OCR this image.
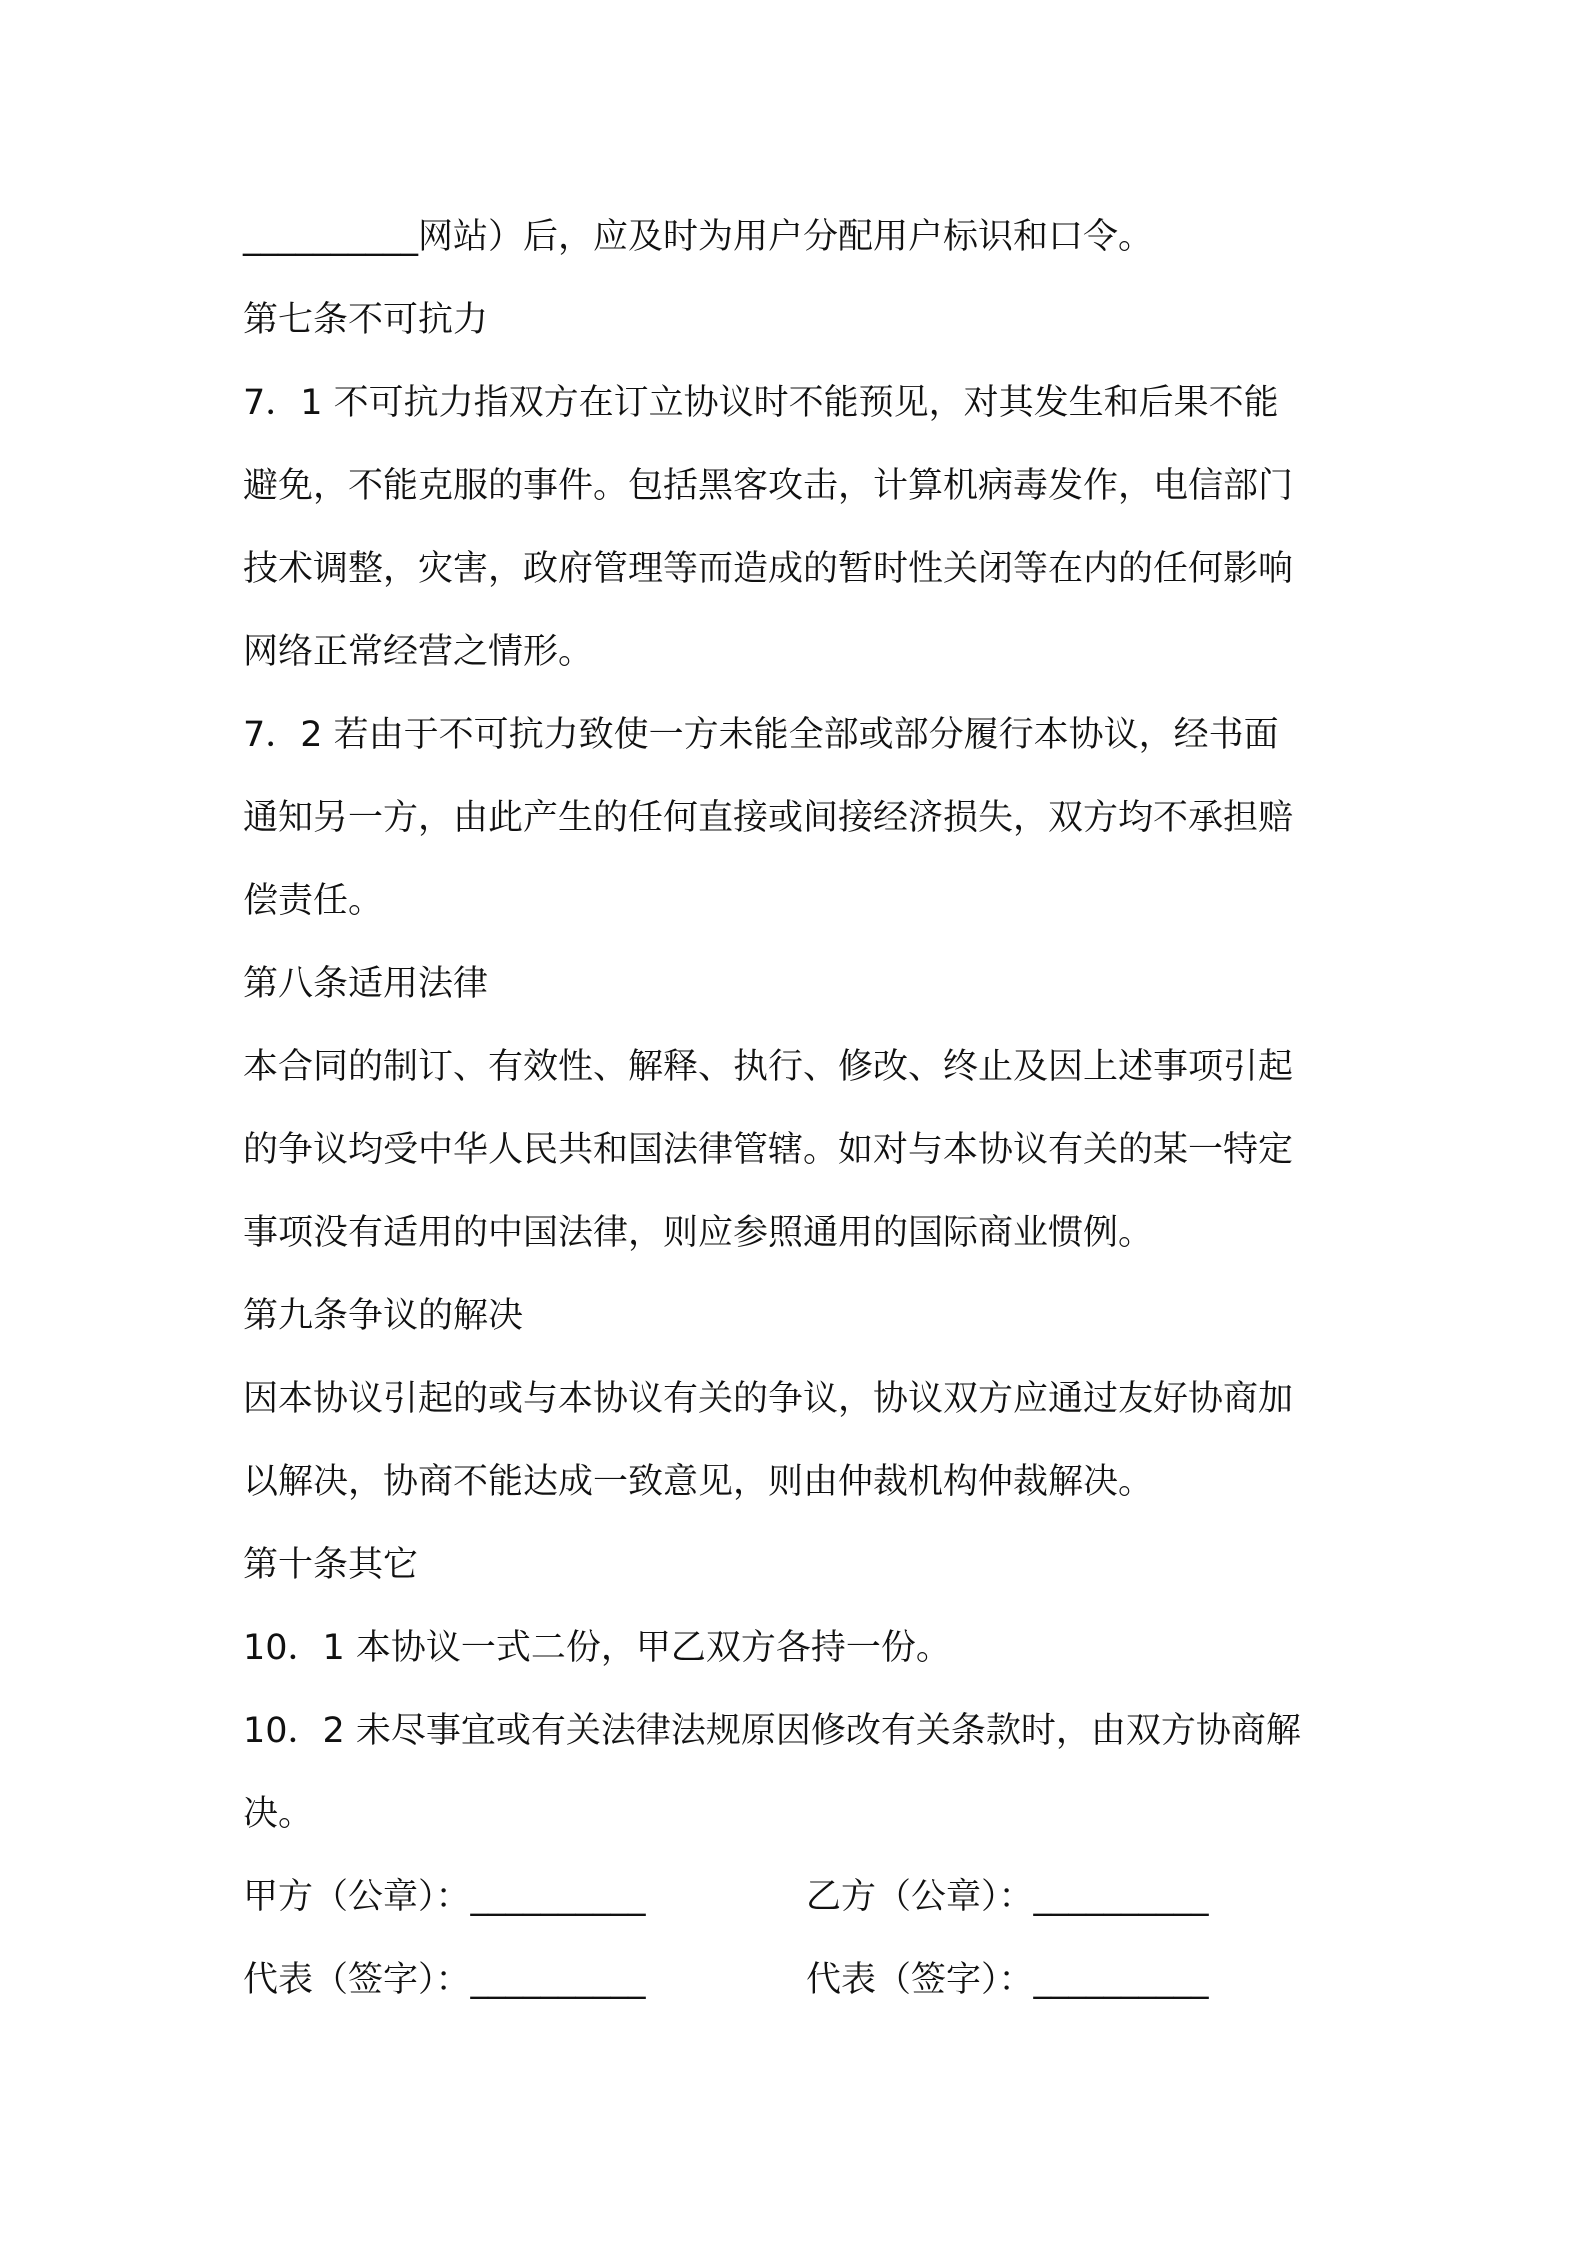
__________网站）后，应及时为用户分配用户标识和口令。
第七条不可抗力
7．1 不可抗力指双方在订立协议时不能预见，对其发生和后果不能
避免，不能克服的事件。包括黑客攻击，计算机病毒发作，电信部门
技术调整，灾害，政府管理等而造成的暂时性关闭等在内的任何影响
网络正常经营之情形。
7．2 若由于不可抗力致使一方未能全部或部分履行本协议，经书面
通知另一方，由此产生的任何直接或间接经济损失，双方均不承担赔
偿责任。
第八条适用法律
本合同的制订、有效性、解释、执行、修改、终止及因上述事项引起
的争议均受中华人民共和国法律管辖。如对与本协议有关的某一特定
事项没有适用的中国法律，则应参照通用的国际商业惯例。
第九条争议的解决
因本协议引起的或与本协议有关的争议，协议双方应通过友好协商加
以解决，协商不能达成一致意见，则由仲裁机构仲裁解决。
第十条其它
10．1 本协议一式二份，甲乙双方各持一份。
10．2 未尽事宜或有关法律法规原因修改有关条款时，由双方协商解
决。
甲方（公章）：__________	乙方（公章）：__________
代表（签字）：__________	代表（签字）：__________
